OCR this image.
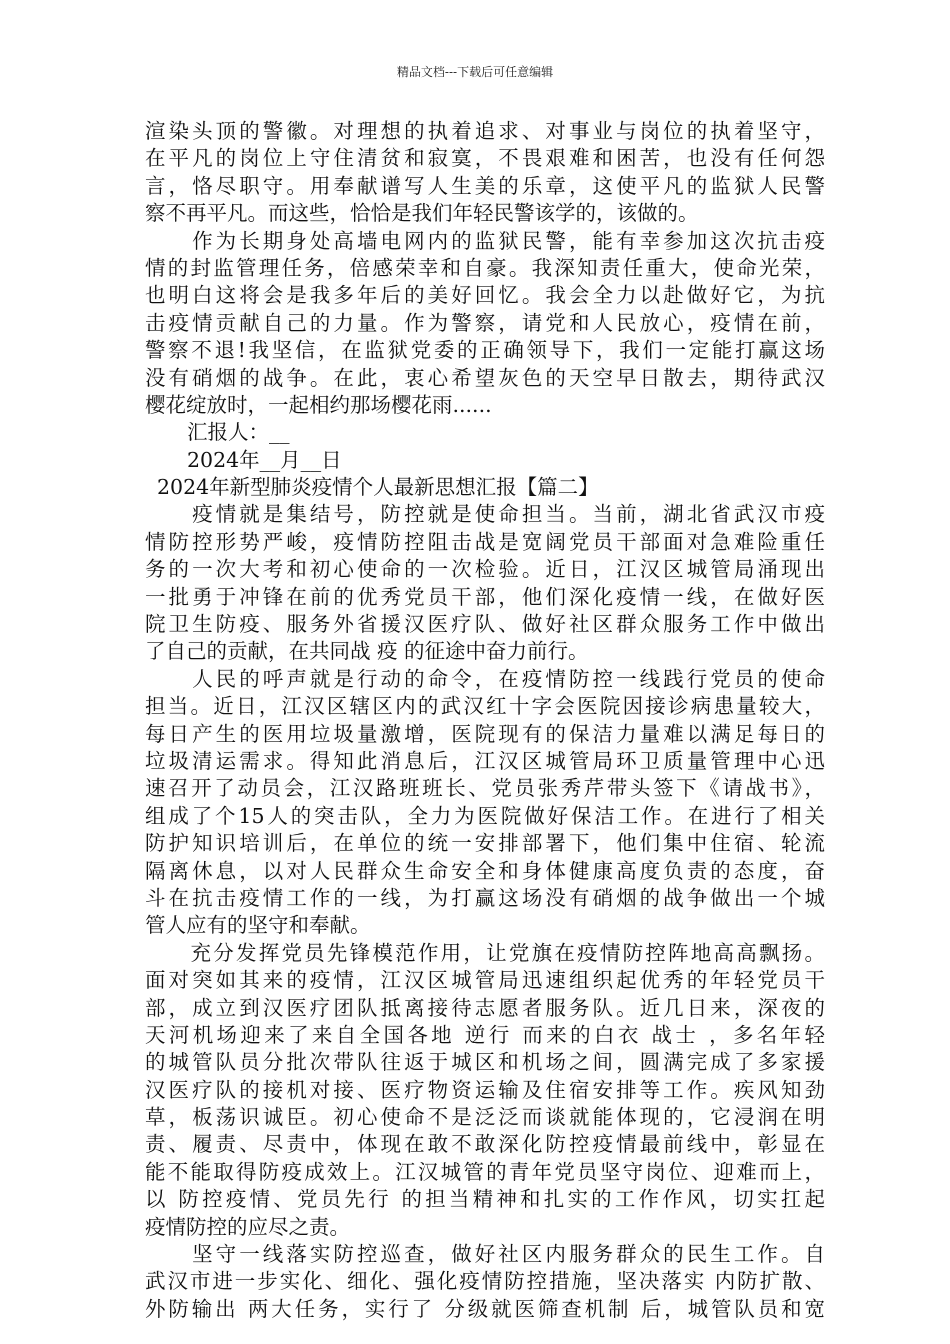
精品文档---下载后可任意编辑
渲染头顶的警徽。对理想的执着追求、对事业与岗位的执着坚守，
在平凡的岗位上守住清贫和寂寞，不畏艰难和困苦，也没有任何怨
言，恪尽职守。用奉献谱写人生美的乐章，这使平凡的监狱人民警
察不再平凡。而这些，恰恰是我们年轻民警该学的，该做的。
　　作为长期身处高墙电网内的监狱民警，能有幸参加这次抗击疫
情的封监管理任务，倍感荣幸和自豪。我深知责任重大，使命光荣，
也明白这将会是我多年后的美好回忆。我会全力以赴做好它，为抗
击疫情贡献自己的力量。作为警察，请党和人民放心，疫情在前，
警察不退!我坚信，在监狱党委的正确领导下，我们一定能打赢这场
没有硝烟的战争。在此，衷心希望灰色的天空早日散去，期待武汉
樱花绽放时，一起相约那场樱花雨......
汇报人：__
2024年__月__日
2024年新型肺炎疫情个人最新思想汇报【篇二】
　　疫情就是集结号，防控就是使命担当。当前，湖北省武汉市疫
情防控形势严峻，疫情防控阻击战是宽阔党员干部面对急难险重任
务的一次大考和初心使命的一次检验。近日，江汉区城管局涌现出
一批勇于冲锋在前的优秀党员干部，他们深化疫情一线，在做好医
院卫生防疫、服务外省援汉医疗队、做好社区群众服务工作中做出
了自己的贡献，在共同战 疫 的征途中奋力前行。
　　人民的呼声就是行动的命令，在疫情防控一线践行党员的使命
担当。近日，江汉区辖区内的武汉红十字会医院因接诊病患量较大，
每日产生的医用垃圾量激增，医院现有的保洁力量难以满足每日的
垃圾清运需求。得知此消息后，江汉区城管局环卫质量管理中心迅
速召开了动员会，江汉路班班长、党员张秀芹带头签下《请战书》，
组成了个15人的突击队，全力为医院做好保洁工作。在进行了相关
防护知识培训后，在单位的统一安排部署下，他们集中住宿、轮流
隔离休息，以对人民群众生命安全和身体健康高度负责的态度，奋
斗在抗击疫情工作的一线，为打赢这场没有硝烟的战争做出一个城
管人应有的坚守和奉献。
　　充分发挥党员先锋模范作用，让党旗在疫情防控阵地高高飘扬。
面对突如其来的疫情，江汉区城管局迅速组织起优秀的年轻党员干
部，成立到汉医疗团队抵离接待志愿者服务队。近几日来，深夜的
天河机场迎来了来自全国各地 逆行 而来的白衣 战士 ，多名年轻
的城管队员分批次带队往返于城区和机场之间，圆满完成了多家援
汉医疗队的接机对接、医疗物资运输及住宿安排等工作。疾风知劲
草，板荡识诚臣。初心使命不是泛泛而谈就能体现的，它浸润在明
责、履责、尽责中，体现在敢不敢深化防控疫情最前线中，彰显在
能不能取得防疫成效上。江汉城管的青年党员坚守岗位、迎难而上，
以 防控疫情、党员先行 的担当精神和扎实的工作作风，切实扛起
疫情防控的应尽之责。
　　坚守一线落实防控巡查，做好社区内服务群众的民生工作。自
武汉市进一步实化、细化、强化疫情防控措施，坚决落实 内防扩散、
外防输出 两大任务，实行了 分级就医筛查机制 后，城管队员和宽
